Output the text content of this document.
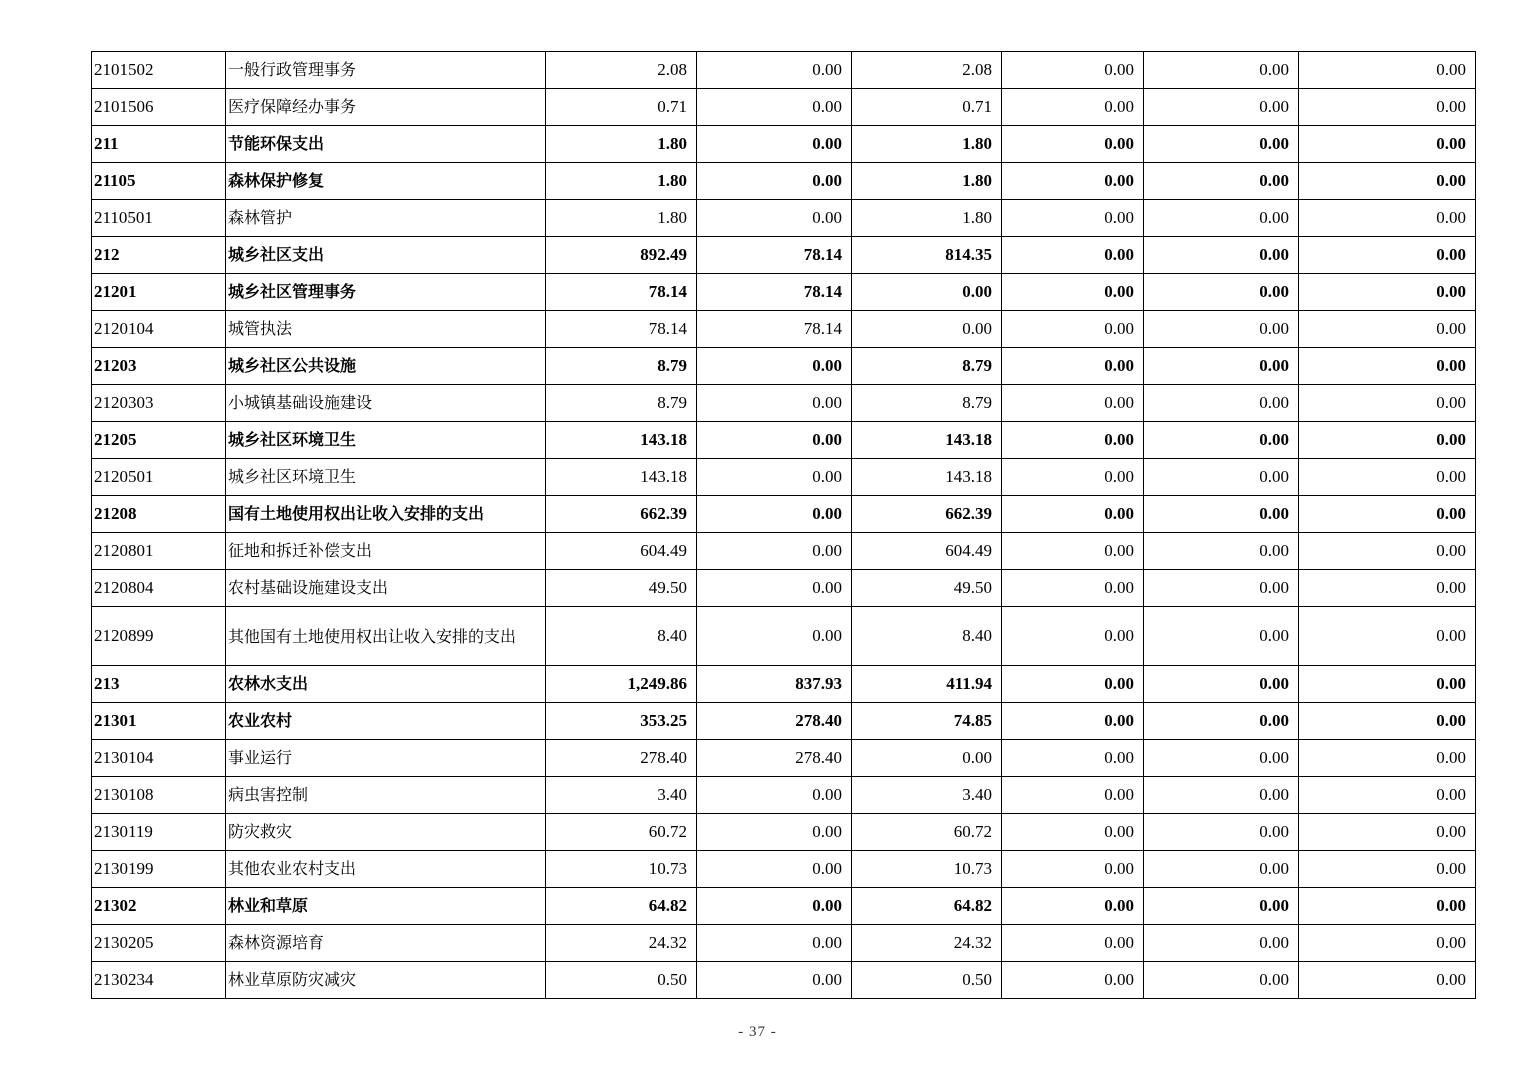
2101502	一般行政管理事务	2.08	0.00	2.08	0.00	0.00	0.00
2101506	医疗保障经办事务	0.71	0.00	0.71	0.00	0.00	0.00
211	节能环保支出	1.80	0.00	1.80	0.00	0.00	0.00
21105	森林保护修复	1.80	0.00	1.80	0.00	0.00	0.00
2110501	森林管护	1.80	0.00	1.80	0.00	0.00	0.00
212	城乡社区支出	892.49	78.14	814.35	0.00	0.00	0.00
21201	城乡社区管理事务	78.14	78.14	0.00	0.00	0.00	0.00
2120104	城管执法	78.14	78.14	0.00	0.00	0.00	0.00
21203	城乡社区公共设施	8.79	0.00	8.79	0.00	0.00	0.00
2120303	小城镇基础设施建设	8.79	0.00	8.79	0.00	0.00	0.00
21205	城乡社区环境卫生	143.18	0.00	143.18	0.00	0.00	0.00
2120501	城乡社区环境卫生	143.18	0.00	143.18	0.00	0.00	0.00
21208	国有土地使用权出让收入安排的支出	662.39	0.00	662.39	0.00	0.00	0.00
2120801	征地和拆迁补偿支出	604.49	0.00	604.49	0.00	0.00	0.00
2120804	农村基础设施建设支出	49.50	0.00	49.50	0.00	0.00	0.00
2120899	其他国有土地使用权出让收入安排的支出	8.40	0.00	8.40	0.00	0.00	0.00
213	农林水支出	1,249.86	837.93	411.94	0.00	0.00	0.00
21301	农业农村	353.25	278.40	74.85	0.00	0.00	0.00
2130104	事业运行	278.40	278.40	0.00	0.00	0.00	0.00
2130108	病虫害控制	3.40	0.00	3.40	0.00	0.00	0.00
2130119	防灾救灾	60.72	0.00	60.72	0.00	0.00	0.00
2130199	其他农业农村支出	10.73	0.00	10.73	0.00	0.00	0.00
21302	林业和草原	64.82	0.00	64.82	0.00	0.00	0.00
2130205	森林资源培育	24.32	0.00	24.32	0.00	0.00	0.00
2130234	林业草原防灾减灾	0.50	0.00	0.50	0.00	0.00	0.00
- 37 -
